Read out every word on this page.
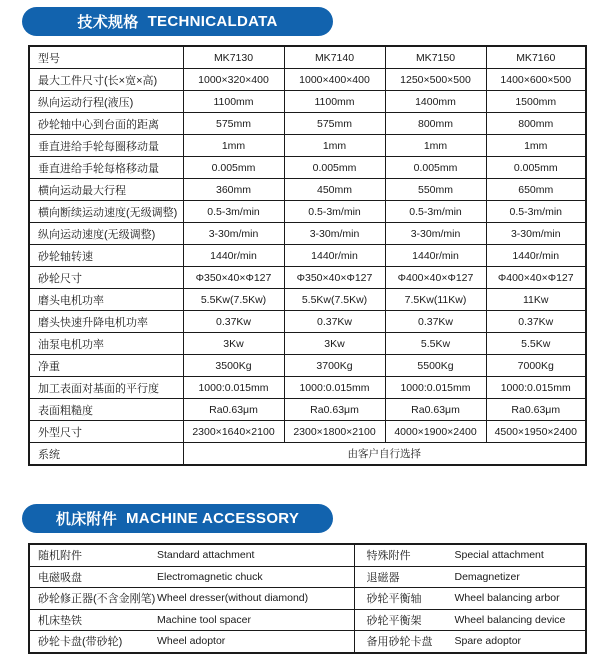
技术规格 TECHNICALDATA
型号	MK7130	MK7140	MK7150	MK7160
最大工件尺寸(长×宽×高)	1000×320×400	1000×400×400	1250×500×500	1400×600×500
纵向运动行程(液压)	1100mm	1100mm	1400mm	1500mm
砂轮轴中心到台面的距离	575mm	575mm	800mm	800mm
垂直进给手轮每圈移动量	1mm	1mm	1mm	1mm
垂直进给手轮每格移动量	0.005mm	0.005mm	0.005mm	0.005mm
横向运动最大行程	360mm	450mm	550mm	650mm
横向断续运动速度(无级调整)	0.5-3m/min	0.5-3m/min	0.5-3m/min	0.5-3m/min
纵向运动速度(无级调整)	3-30m/min	3-30m/min	3-30m/min	3-30m/min
砂轮轴转速	1440r/min	1440r/min	1440r/min	1440r/min
砂轮尺寸	Φ350×40×Φ127	Φ350×40×Φ127	Φ400×40×Φ127	Φ400×40×Φ127
磨头电机功率	5.5Kw(7.5Kw)	5.5Kw(7.5Kw)	7.5Kw(11Kw)	11Kw
磨头快速升降电机功率	0.37Kw	0.37Kw	0.37Kw	0.37Kw
油泵电机功率	3Kw	3Kw	5.5Kw	5.5Kw
净重	3500Kg	3700Kg	5500Kg	7000Kg
加工表面对基面的平行度	1000:0.015mm	1000:0.015mm	1000:0.015mm	1000:0.015mm
表面粗糙度	Ra0.63μm	Ra0.63μm	Ra0.63μm	Ra0.63μm
外型尺寸	2300×1640×2100	2300×1800×2100	4000×1900×2400	4500×1950×2400
系统	由客户自行选择			
机床附件 MACHINE ACCESSORY
随机附件 Standard attachment	特殊附件 Special attachment

电磁吸盘 Electromagnetic chuck	退磁器 Demagnetizer

砂轮修正器(不含金刚笔) Wheel dresser(without diamond)	砂轮平衡轴 Wheel balancing arbor

机床垫铁 Machine tool spacer	砂轮平衡架 Wheel balancing device

砂轮卡盘(带砂轮) Wheel adoptor	备用砂轮卡盘 Spare adoptor
